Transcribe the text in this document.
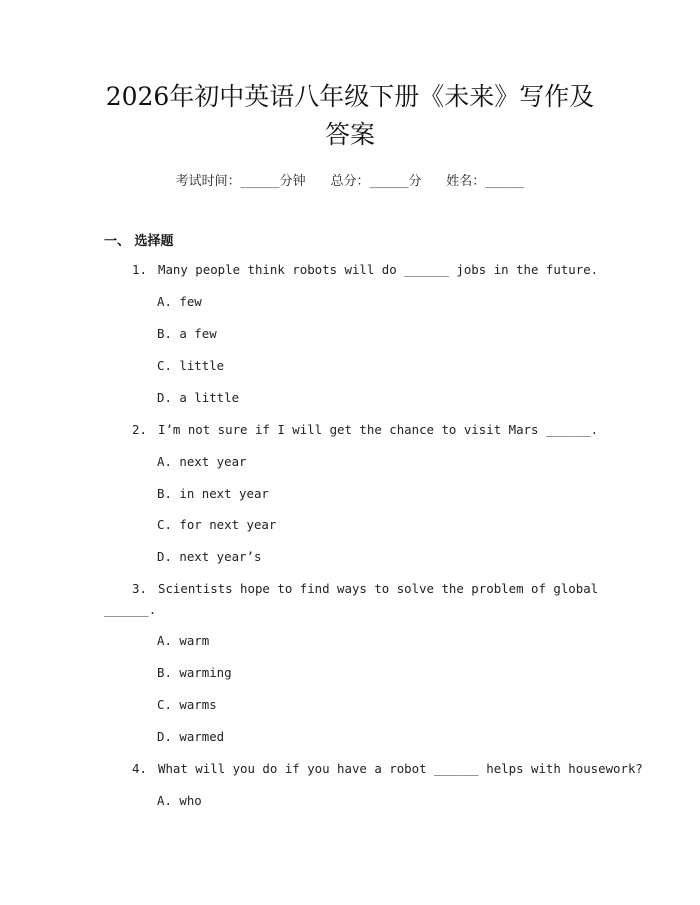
2026年初中英语八年级下册《未来》写作及
答案
考试时间：______分钟 总分：______分 姓名：______
一、 选择题
1. Many people think robots will do ______ jobs in the future.
A. few
B. a few
C. little
D. a little
2. I’m not sure if I will get the chance to visit Mars ______.
A. next year
B. in next year
C. for next year
D. next year’s
3. Scientists hope to find ways to solve the problem of global
______.
A. warm
B. warming
C. warms
D. warmed
4. What will you do if you have a robot ______ helps with housework?
A. who
